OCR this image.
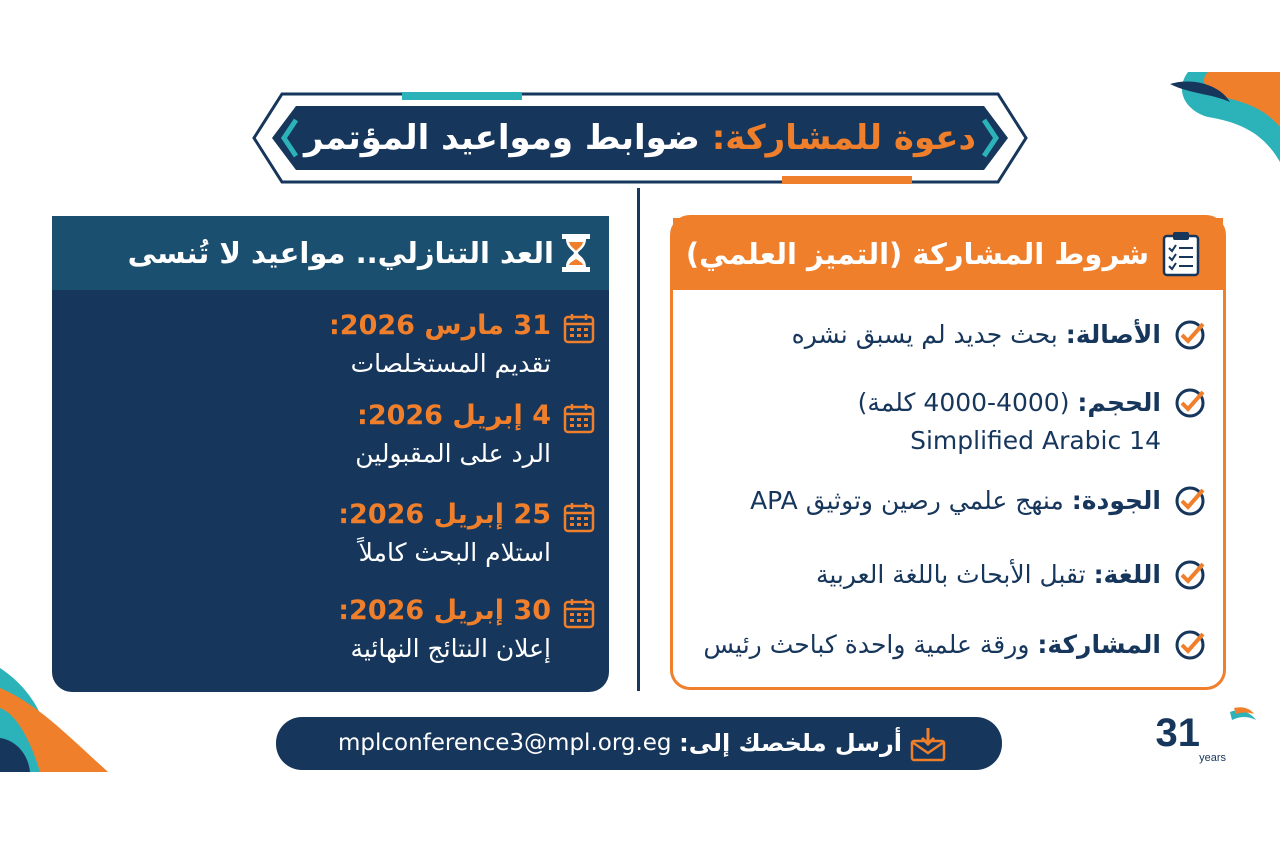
دعوة للمشاركة: ضوابط ومواعيد المؤتمر
شروط المشاركة (التميز العلمي)
الأصالة: بحث جديد لم يسبق نشره
الحجم: (4000-4000 كلمة)
Simplified Arabic 14
الجودة: منهج علمي رصين وتوثيق APA
اللغة: تقبل الأبحاث باللغة العربية
المشاركة: ورقة علمية واحدة كباحث رئيس
العد التنازلي.. مواعيد لا تُنسى
31 مارس 2026:
تقديم المستخلصات
4 إبريل 2026:
الرد على المقبولين
25 إبريل 2026:
استلام البحث كاملاً
30 إبريل 2026:
إعلان النتائج النهائية
أرسل ملخصك إلى:
mplconference3@mpl.org.eg	31
years
